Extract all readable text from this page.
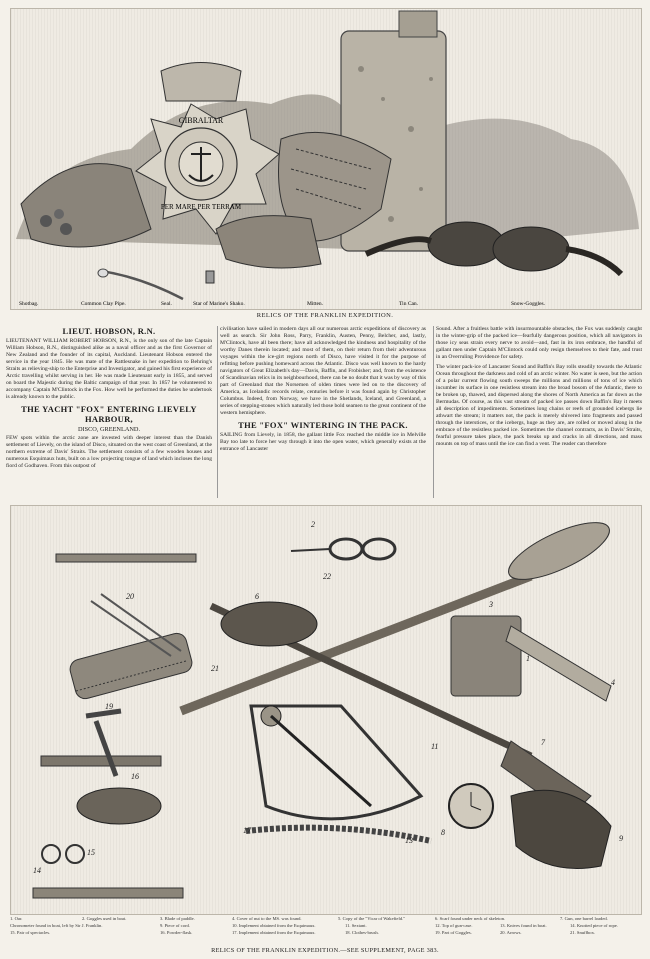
GIBRALTAR
PER MARE PER TERRAM
Shotbag.	Common Clay Pipe.	Seal.	Star of Marine's Shako.	Mitten.	Tin Can.	Snow-Goggles.
RELICS OF THE FRANKLIN EXPEDITION.
LIEUT. HOBSON, R.N.

LIEUTENANT WILLIAM ROBERT HOBSON, R.N., is the only son of the late Captain William Hobson, R.N., distinguished alike as a naval officer and as the first Governor of New Zealand and the founder of its capital, Auckland. Lieutenant Hobson entered the service in the year 1845. He was mate of the Rattlesnake in her expedition to Behring's Straits as relieving-ship to the Enterprise and Investigator, and gained his first experience of Arctic travelling whilst serving in her. He was made Lieutenant early in 1855, and served on board the Majestic during the Baltic campaign of that year. In 1857 he volunteered to accompany Captain M'Clintock in the Fox. How well he performed the duties he undertook is already known to the public.

THE YACHT "FOX" ENTERING LIEVELY HARBOUR,
DISCO, GREENLAND.

FEW spots within the arctic zone are invested with deeper interest than the Danish settlement of Lievely, on the island of Disco, situated on the west coast of Greenland, at the northern extreme of Davis' Straits. The settlement consists of a few wooden houses and numerous Esquimaux huts, built on a low projecting tongue of land which incloses the long fiord of Godhaven. From this outpost of

civilisation have sailed in modern days all our numerous arctic expeditions of discovery as well as search. Sir John Ross, Parry, Franklin, Austen, Penny, Belcher, and, lastly, M'Clintock, have all been there; have all acknowledged the kindness and hospitality of the worthy Danes therein located; and most of them, on their return from their adventurous voyages within the ice-girt regions north of Disco, have visited it for the purpose of refitting before pushing homeward across the Atlantic. Disco was well known to the hardy navigators of Great Elizabeth's day—Davis, Baffin, and Frobisher; and, from the existence of Scandinavian relics in its neighbourhood, there can be no doubt that it was by way of this part of Greenland that the Norsemen of olden times were led on to the discovery of America, as Icelandic records relate, centuries before it was found again by Christopher Columbus. Indeed, from Norway, we have in the Shetlands, Iceland, and Greenland, a series of stepping-stones which naturally led those bold seamen to the great continent of the western hemisphere.

THE "FOX" WINTERING IN THE PACK.

SAILING from Lievely, in 1858, the gallant little Fox reached the middle ice in Melville Bay too late to force her way through it into the open water, which generally exists at the entrance of Lancaster

Sound. After a fruitless battle with insurmountable obstacles, the Fox was suddenly caught in the winter-grip of the packed ice—fearfully dangerous position, which all navigators in those icy seas strain every nerve to avoid—and, fast in its iron embrace, the handful of gallant men under Captain M'Clintock could only resign themselves to their fate, and trust in an Overruling Providence for safety.

The winter pack-ice of Lancaster Sound and Baffin's Bay rolls steadily towards the Atlantic Ocean throughout the darkness and cold of an arctic winter. No water is seen, but the action of a polar current flowing south sweeps the millions and millions of tons of ice which incumber its surface in one resistless stream into the broad bosom of the Atlantic, there to be broken up, thawed, and dispersed along the shores of North America as far down as the Bermudas. Of course, as this vast stream of packed ice passes down Baffin's Bay it meets all description of impediments. Sometimes long chains or reefs of grounded icebergs lie athwart the stream; it matters not, the pack is merely shivered into fragments and passed through the interstices, or the icebergs, huge as they are, are rolled or moved along in the embrace of the resistless packed ice. Sometimes the channel contracts, as in Davis' Straits, fearful pressure takes place, the pack breaks up and cracks in all directions, and mass mounts on top of mass until the ice can find a vent. The reader can therefore

2
22
20	6
3
11
19
21
1
4
7
16
8
13	9
15
17
14
1. Oar.	2. Goggles used in boat.	3. Blade of paddle.	4. Cover of nut to the MS. was found.	5. Copy of the "Vicar of Wakefield."	6. Scarf found under neck of skeleton.	7. Gun, one barrel loaded.
Chronometer found in boat, left by Sir J. Franklin.	9. Piece of cord.	10. Implement obtained from the Esquimaux.	11. Sextant.	12. Top of gun-case.	13. Knives found in boat.	14. Knotted piece of rope.
15. Pair of spectacles.	16. Powder-flask.	17. Implement obtained from the Esquimaux.	18. Clothes-brush.	19. Part of Goggles.	20. Arrows.	21. Snuffbox.
RELICS OF THE FRANKLIN EXPEDITION.—SEE SUPPLEMENT, PAGE 383.
